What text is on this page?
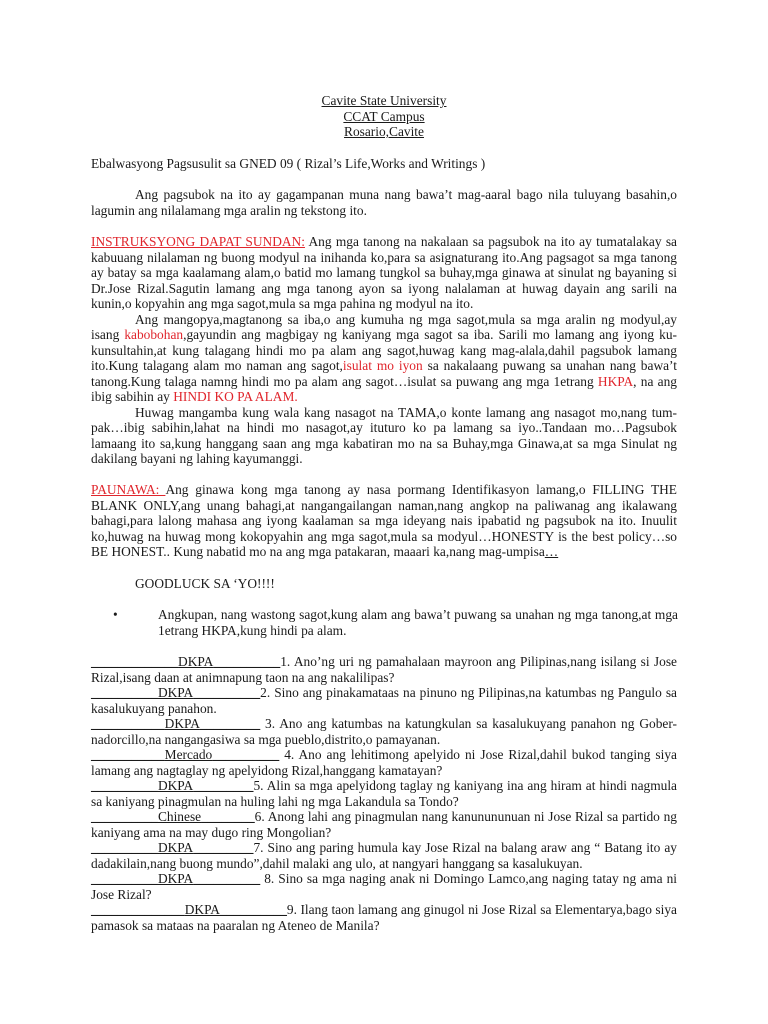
Cavite State University
CCAT Campus
Rosario,Cavite
Ebalwasyong Pagsusulit sa GNED 09 ( Rizal’s Life,Works and Writings )
Ang pagsubok na ito ay gagampanan muna nang bawa’t mag-aaral bago nila tuluyang basahin,o lagumin ang nilalamang mga aralin ng tekstong ito.

INSTRUKSYONG DAPAT SUNDAN: Ang mga tanong na nakalaan sa pagsubok na ito ay tumatalakay sa kabuuang nilalaman ng buong modyul na inihanda ko,para sa asignaturang ito.Ang pagsagot sa mga tanong ay batay sa mga kaalamang alam,o batid mo lamang tungkol sa buhay,mga ginawa at sinulat ng bayaning si Dr.Jose Rizal.Sagutin lamang ang mga tanong ayon sa iyong nalalaman at huwag dayain ang sarili na kunin,o kopyahin ang mga sagot,mula sa mga pahina ng modyul na ito.

Ang mangopya,magtanong sa iba,o ang kumuha ng mga sagot,mula sa mga aralin ng modyul,ay isang kabobohan,gayundin ang magbigay ng kaniyang mga sagot sa iba. Sarili mo lamang ang iyong ku-kunsultahin,at kung talagang hindi mo pa alam ang sagot,huwag kang mag-alala,dahil pagsubok lamang ito.Kung talagang alam mo naman ang sagot,isulat mo iyon sa nakalaang puwang sa unahan nang bawa’t tanong.Kung talaga namng hindi mo pa alam ang sagot…isulat sa puwang ang mga 1etrang HKPA, na ang ibig sabihin ay HINDI KO PA ALAM.

Huwag mangamba kung wala kang nasagot na TAMA,o konte lamang ang nasagot mo,nang tum-pak…ibig sabihin,lahat na hindi mo nasagot,ay ituturo ko pa lamang sa iyo..Tandaan mo…Pagsubok lamaang ito sa,kung hanggang saan ang mga kabatiran mo na sa Buhay,mga Ginawa,at sa mga Sinulat ng dakilang bayani ng lahing kayumanggi.

PAUNAWA: Ang ginawa kong mga tanong ay nasa pormang Identifikasyon lamang,o FILLING THE BLANK ONLY,ang unang bahagi,at nangangailangan naman,nang angkop na paliwanag ang ikalawang bahagi,para lalong mahasa ang iyong kaalaman sa mga ideyang nais ipabatid ng pagsubok na ito. Inuulit ko,huwag na huwag mong kokopyahin ang mga sagot,mula sa modyul…HONESTY is the best policy…so BE HONEST.. Kung nabatid mo na ang mga patakaran, maaari ka,nang mag-umpisa…
GOODLUCK SA ‘YO!!!!
•	Angkupan, nang wastong sagot,kung alam ang bawa’t puwang sa unahan ng mga tanong,at mga 1etrang HKPA,kung hindi pa alam.

_____________DKPA__________1. Ano’ng uri ng pamahalaan mayroon ang Pilipinas,nang isilang si Jose Rizal,isang daan at animnapung taon na ang nakalilipas?

__________DKPA__________2. Sino ang pinakamataas na pinuno ng Pilipinas,na katumbas ng Pangulo sa kasalukuyang panahon.

___________DKPA_________ 3. Ano ang katumbas na katungkulan sa kasalukuyang panahon ng Gober-nadorcillo,na nangangasiwa sa mga pueblo,distrito,o pamayanan.

___________Mercado__________ 4. Ano ang lehitimong apelyido ni Jose Rizal,dahil bukod tanging siya lamang ang nagtaglay ng apelyidong Rizal,hanggang kamatayan?

__________DKPA_________5. Alin sa mga apelyidong taglay ng kaniyang ina ang hiram at hindi nagmula sa kaniyang pinagmulan na huling lahi ng mga Lakandula sa Tondo?

__________Chinese________6. Anong lahi ang pinagmulan nang kanunununuan ni Jose Rizal sa partido ng kaniyang ama na may dugo ring Mongolian?

__________DKPA_________7. Sino ang paring humula kay Jose Rizal na balang araw ang “ Batang ito ay dadakilain,nang buong mundo”,dahil malaki ang ulo, at nangyari hanggang sa kasalukuyan.

__________DKPA__________ 8. Sino sa mga naging anak ni Domingo Lamco,ang naging tatay ng ama ni Jose Rizal?

______________DKPA__________9. Ilang taon lamang ang ginugol ni Jose Rizal sa Elementarya,bago siya pamasok sa mataas na paaralan ng Ateneo de Manila?
